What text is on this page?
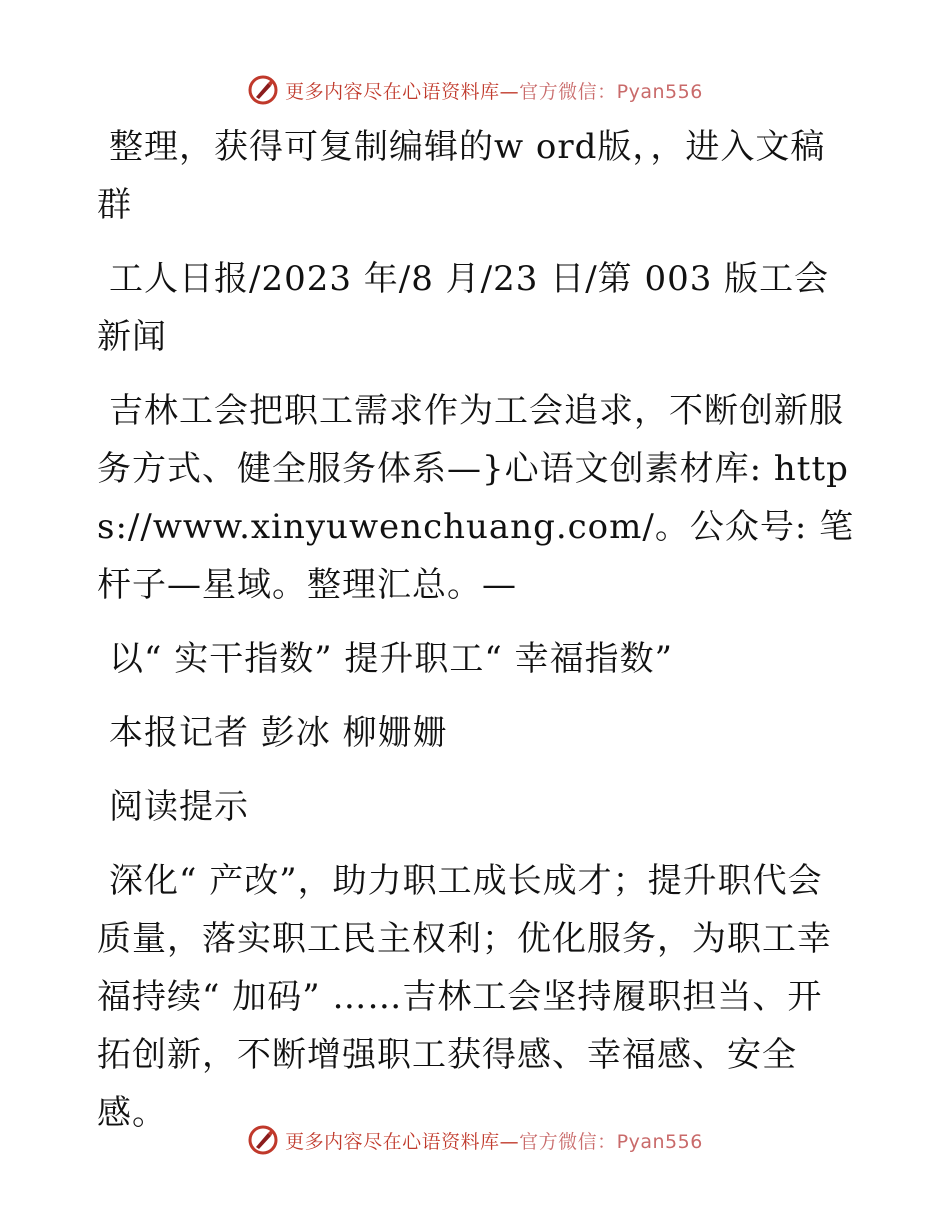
更多内容尽在心语资料库—官方微信：Pyan556

整理，获得可复制编辑的w ord版，，进入文稿群

工人日报/2023 年/8 月/23 日/第 003 版工会新闻

吉林工会把职工需求作为工会追求，不断创新服务方式、健全服务体系—}心语文创素材库: https://www.xinyuwenchuang.com/。公众号: 笔杆子—星域。整理汇总。—

以“ 实干指数” 提升职工“ 幸福指数”

本报记者 彭冰 柳姗姗

阅读提示

深化“ 产改”，助力职工成长成才；提升职代会质量，落实职工民主权利；优化服务，为职工幸福持续“ 加码” ……吉林工会坚持履职担当、开拓创新，不断增强职工获得感、幸福感、安全感。

更多内容尽在心语资料库—官方微信：Pyan556
